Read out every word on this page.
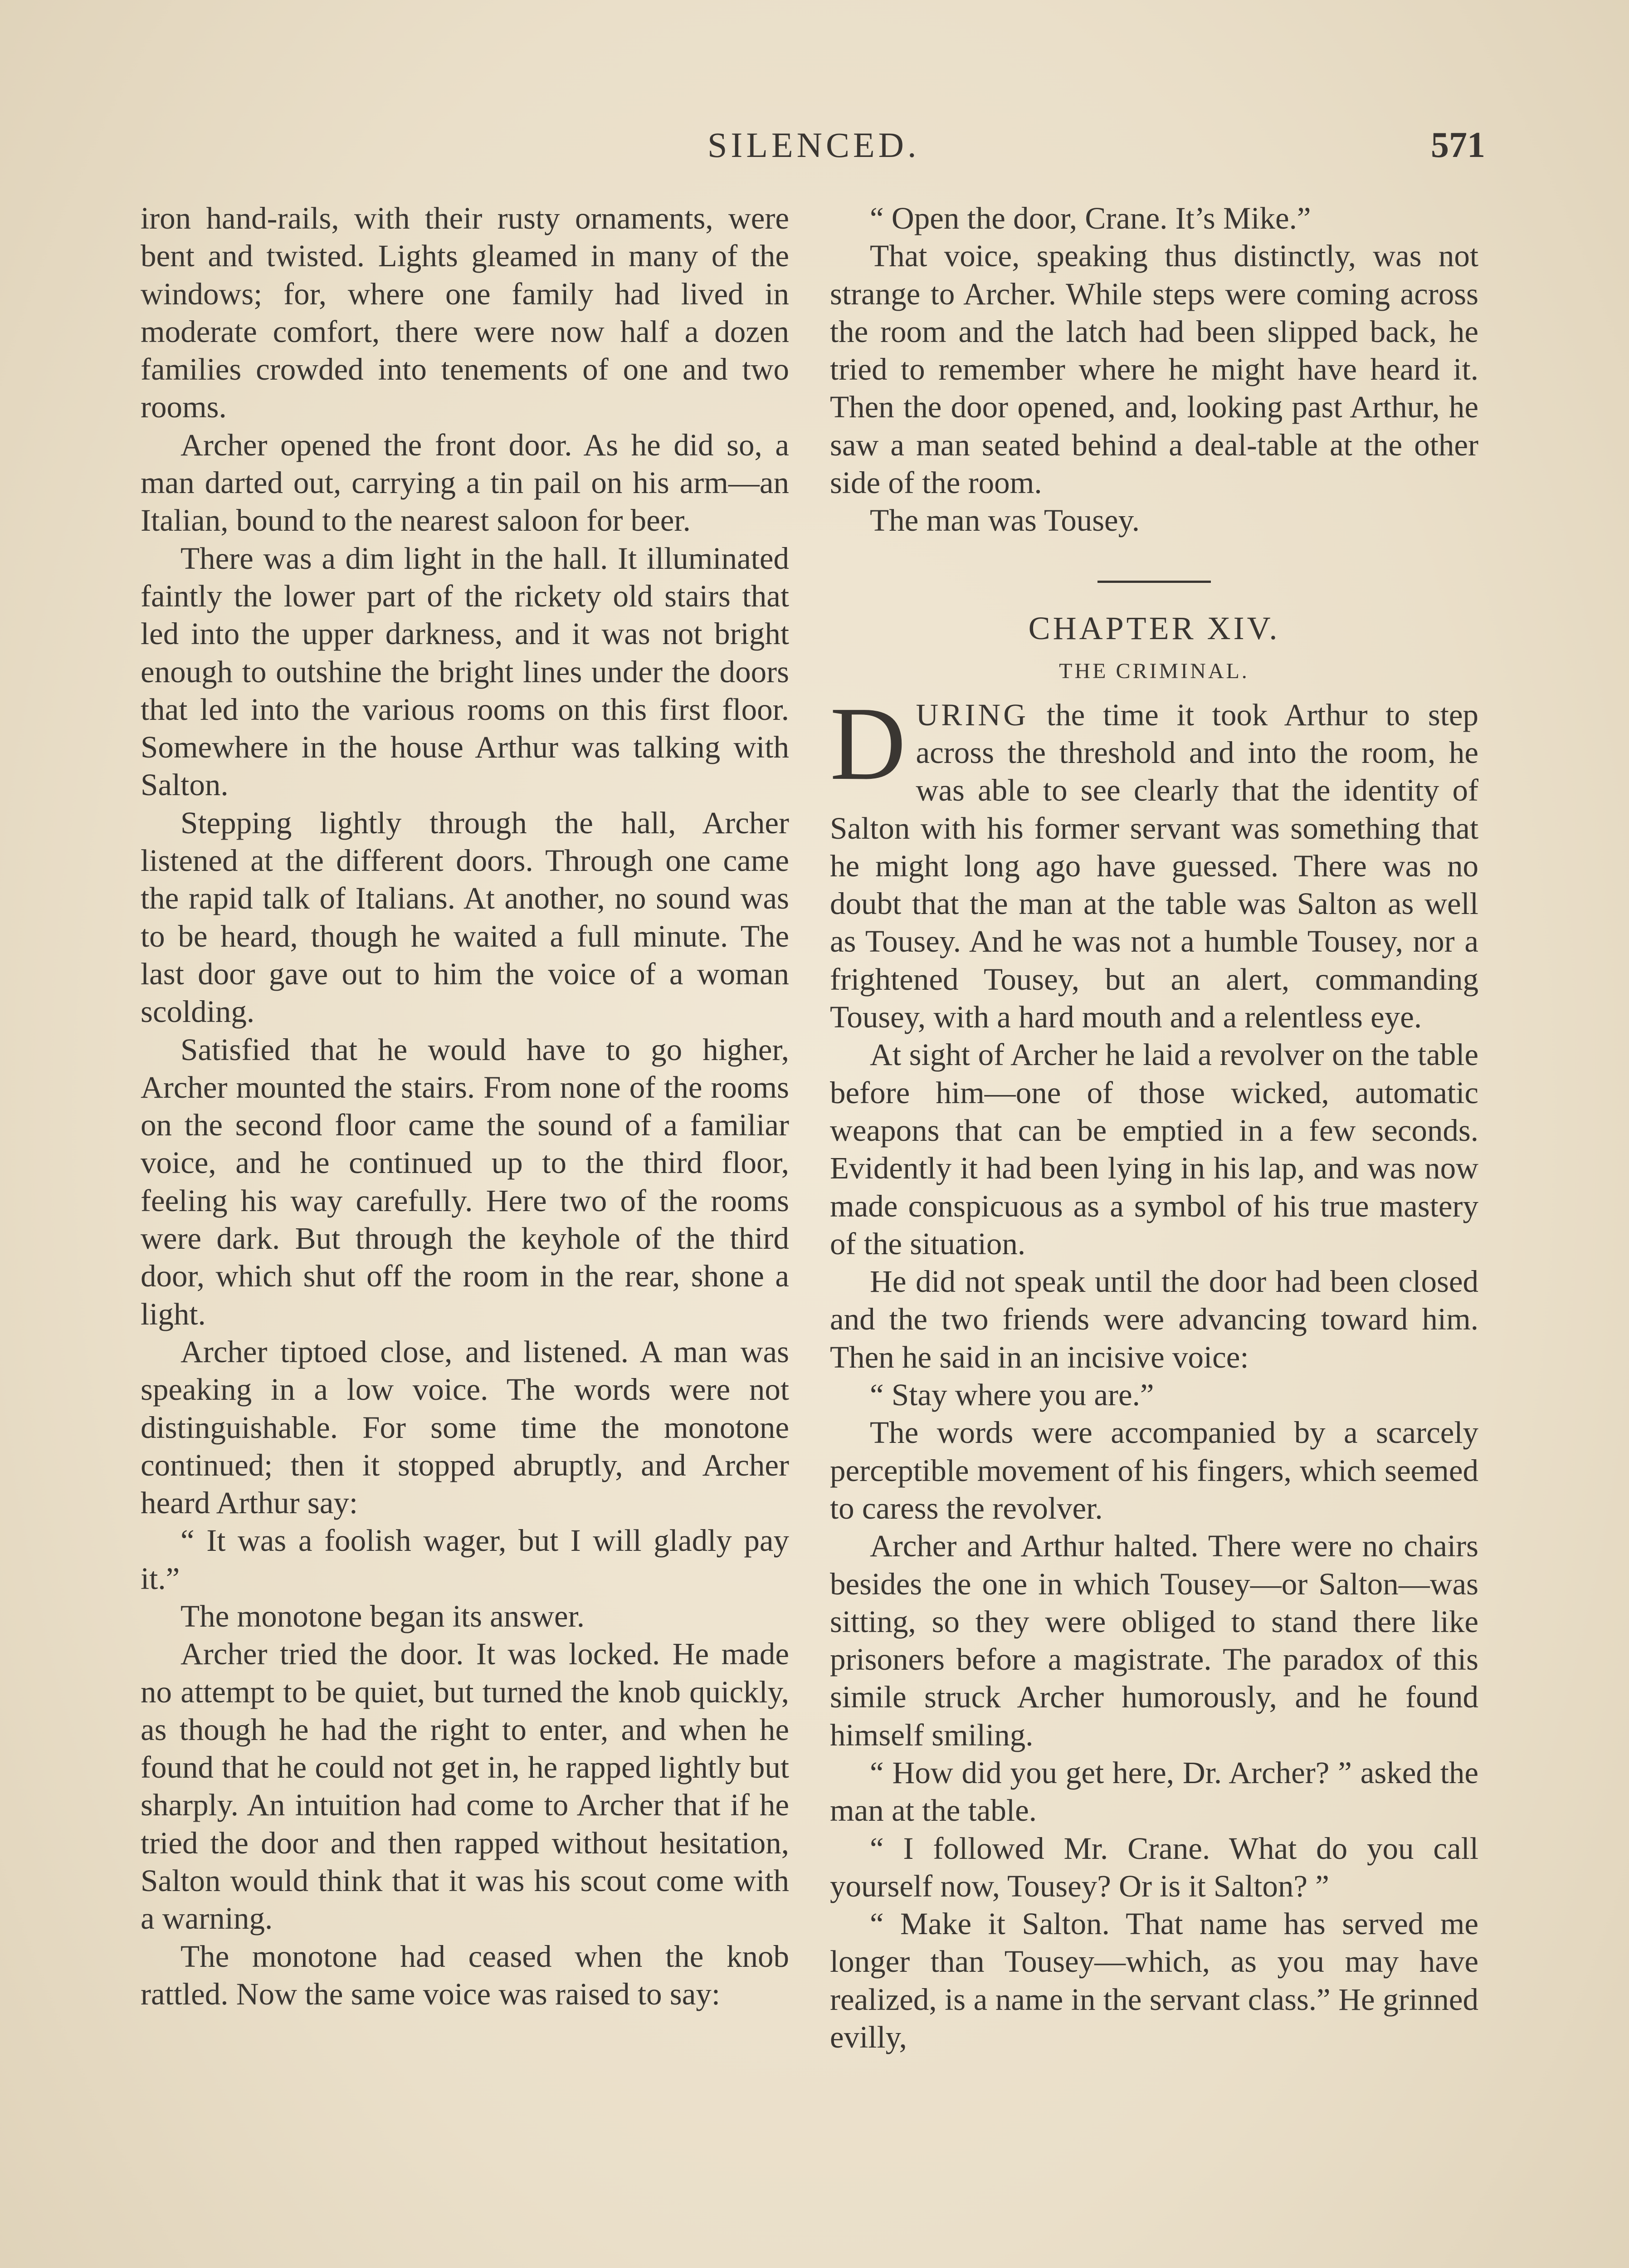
SILENCED.	571

iron hand-rails, with their rusty ornaments, were bent and twisted. Lights gleamed in many of the windows; for, where one family had lived in moderate comfort, there were now half a dozen families crowded into tenements of one and two rooms.

Archer opened the front door. As he did so, a man darted out, carrying a tin pail on his arm—an Italian, bound to the nearest saloon for beer.

There was a dim light in the hall. It illuminated faintly the lower part of the rickety old stairs that led into the upper darkness, and it was not bright enough to outshine the bright lines under the doors that led into the various rooms on this first floor. Somewhere in the house Arthur was talking with Salton.

Stepping lightly through the hall, Archer listened at the different doors. Through one came the rapid talk of Italians. At another, no sound was to be heard, though he waited a full minute. The last door gave out to him the voice of a woman scolding.

Satisfied that he would have to go higher, Archer mounted the stairs. From none of the rooms on the second floor came the sound of a familiar voice, and he continued up to the third floor, feeling his way carefully. Here two of the rooms were dark. But through the keyhole of the third door, which shut off the room in the rear, shone a light.

Archer tiptoed close, and listened. A man was speaking in a low voice. The words were not distinguishable. For some time the monotone continued; then it stopped abruptly, and Archer heard Arthur say:

“ It was a foolish wager, but I will gladly pay it.”

The monotone began its answer.

Archer tried the door. It was locked. He made no attempt to be quiet, but turned the knob quickly, as though he had the right to enter, and when he found that he could not get in, he rapped lightly but sharply. An intuition had come to Archer that if he tried the door and then rapped without hesitation, Salton would think that it was his scout come with a warning.

The monotone had ceased when the knob rattled. Now the same voice was raised to say:

“ Open the door, Crane. It’s Mike.”

That voice, speaking thus distinctly, was not strange to Archer. While steps were coming across the room and the latch had been slipped back, he tried to remember where he might have heard it. Then the door opened, and, looking past Arthur, he saw a man seated behind a deal-table at the other side of the room.

The man was Tousey.

CHAPTER XIV.

THE CRIMINAL.

DURING the time it took Arthur to step across the threshold and into the room, he was able to see clearly that the identity of Salton with his former servant was something that he might long ago have guessed. There was no doubt that the man at the table was Salton as well as Tousey. And he was not a humble Tousey, nor a frightened Tousey, but an alert, commanding Tousey, with a hard mouth and a relentless eye.

At sight of Archer he laid a revolver on the table before him—one of those wicked, automatic weapons that can be emptied in a few seconds. Evidently it had been lying in his lap, and was now made conspicuous as a symbol of his true mastery of the situation.

He did not speak until the door had been closed and the two friends were advancing toward him. Then he said in an incisive voice:

“ Stay where you are.”

The words were accompanied by a scarcely perceptible movement of his fingers, which seemed to caress the revolver.

Archer and Arthur halted. There were no chairs besides the one in which Tousey—or Salton—was sitting, so they were obliged to stand there like prisoners before a magistrate. The paradox of this simile struck Archer humorously, and he found himself smiling.

“ How did you get here, Dr. Archer? ” asked the man at the table.

“ I followed Mr. Crane. What do you call yourself now, Tousey? Or is it Salton? ”

“ Make it Salton. That name has served me longer than Tousey—which, as you may have realized, is a name in the servant class.” He grinned evilly,
